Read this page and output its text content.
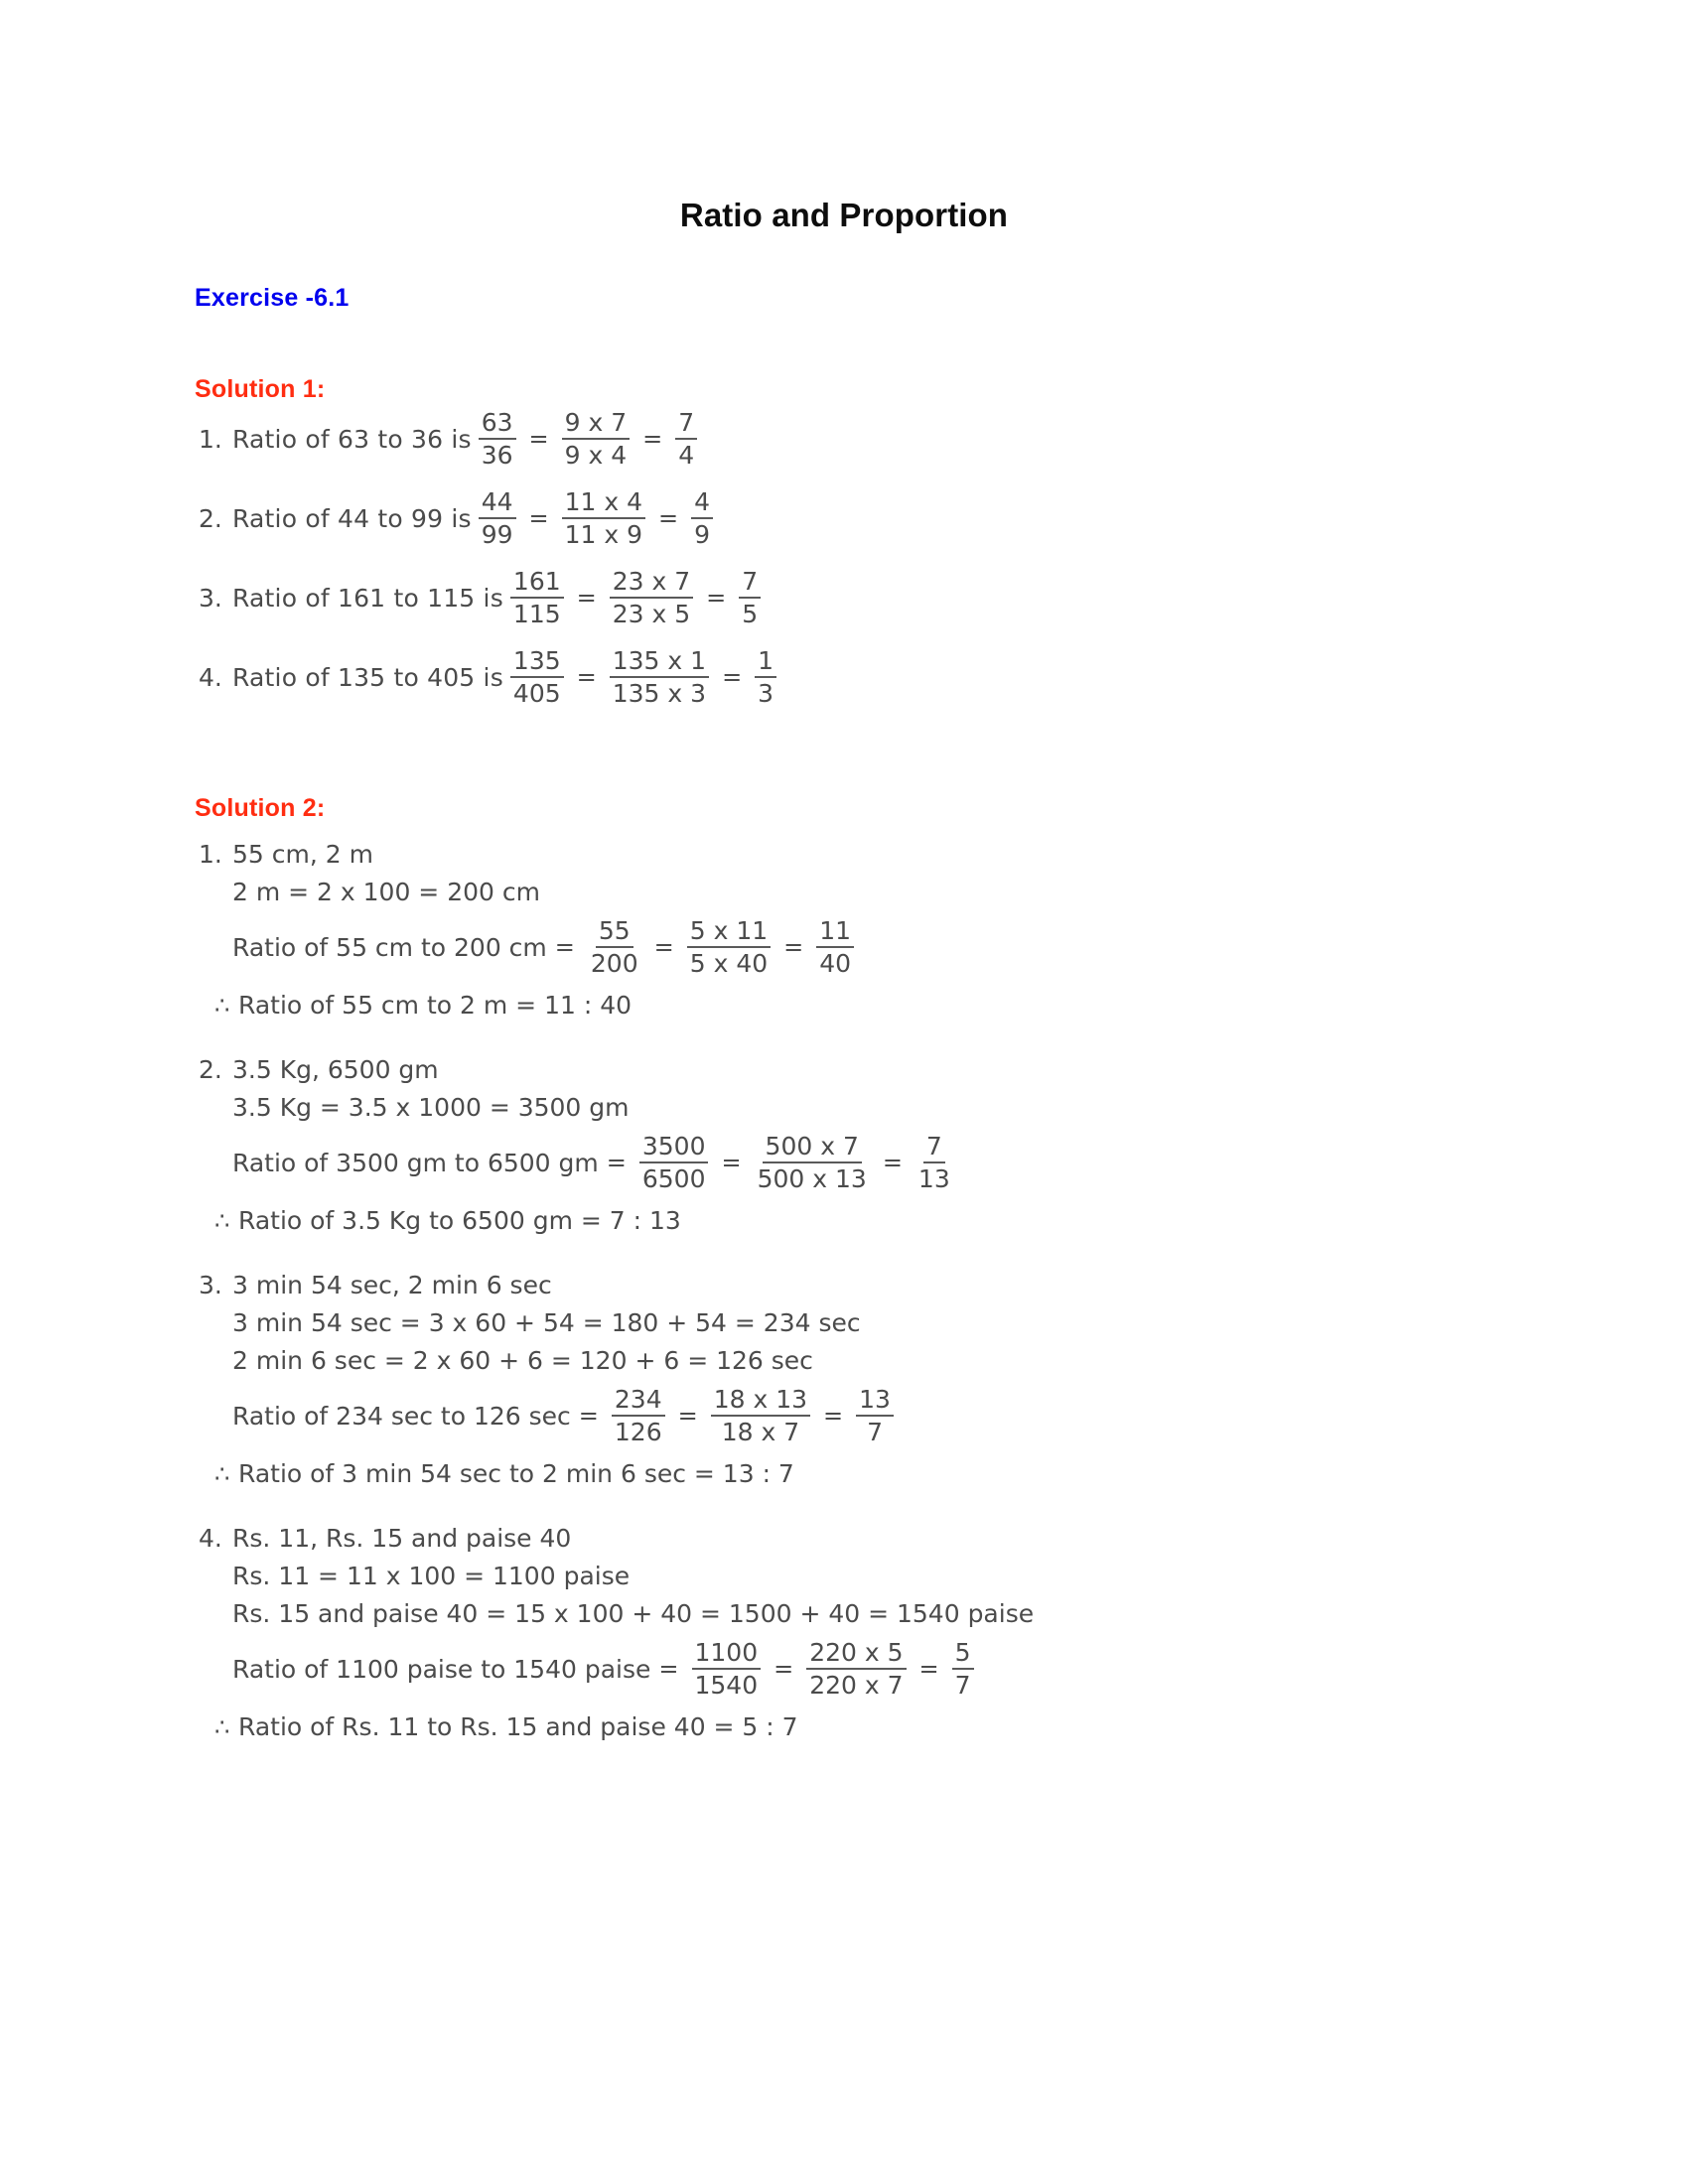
Ratio and Proportion
Exercise -6.1
Solution 1:
1. Ratio of 63 to 36 is $\frac{63}{36} = \frac{9 x 7}{9 x 4} = \frac{7}{4}$
2. Ratio of 44 to 99 is $\frac{44}{99} = \frac{11 x 4}{11 x 9} = \frac{4}{9}$
3. Ratio of 161 to 115 is $\frac{161}{115} = \frac{23 x 7}{23 x 5} = \frac{7}{5}$
4. Ratio of 135 to 405 is $\frac{135}{405} = \frac{135 x 1}{135 x 3} = \frac{1}{3}$
Solution 2:
1. 55 cm, 2 m
2 m = 2 x 100 = 200 cm
Ratio of 55 cm to 200 cm = $\frac{55}{200} = \frac{5 x 11}{5 x 40} = \frac{11}{40}$
∴ Ratio of 55 cm to 2 m = 11 : 40
2. 3.5 Kg, 6500 gm
3.5 Kg = 3.5 x 1000 = 3500 gm
Ratio of 3500 gm to 6500 gm = $\frac{3500}{6500} = \frac{500 x 7}{500 x 13} = \frac{7}{13}$
∴ Ratio of 3.5 Kg to 6500 gm = 7 : 13
3. 3 min 54 sec, 2 min 6 sec
3 min 54 sec = 3 x 60 + 54 = 180 + 54 = 234 sec
2 min 6 sec = 2 x 60 + 6 = 120 + 6 = 126 sec
Ratio of 234 sec to 126 $\sec = \frac{234}{126} = \frac{18 x 13}{18 x 7} = \frac{13}{7}$
∴ Ratio of 3 min 54 sec to 2 min 6 sec = 13 : 7
4. Rs. 11, Rs. 15 and paise 40
Rs. 11 = 11 x 100 = 1100 paise
Rs. 15 and paise 40 = 15 x 100 + 40 = 1500 + 40 = 1540 paise
Ratio of 1100 paise to 1540 paise = $\frac{1100}{1540} = \frac{220 x 5}{220 x 7} = \frac{5}{7}$
∴ Ratio of Rs. 11 to Rs. 15 and paise 40 = 5 : 7
